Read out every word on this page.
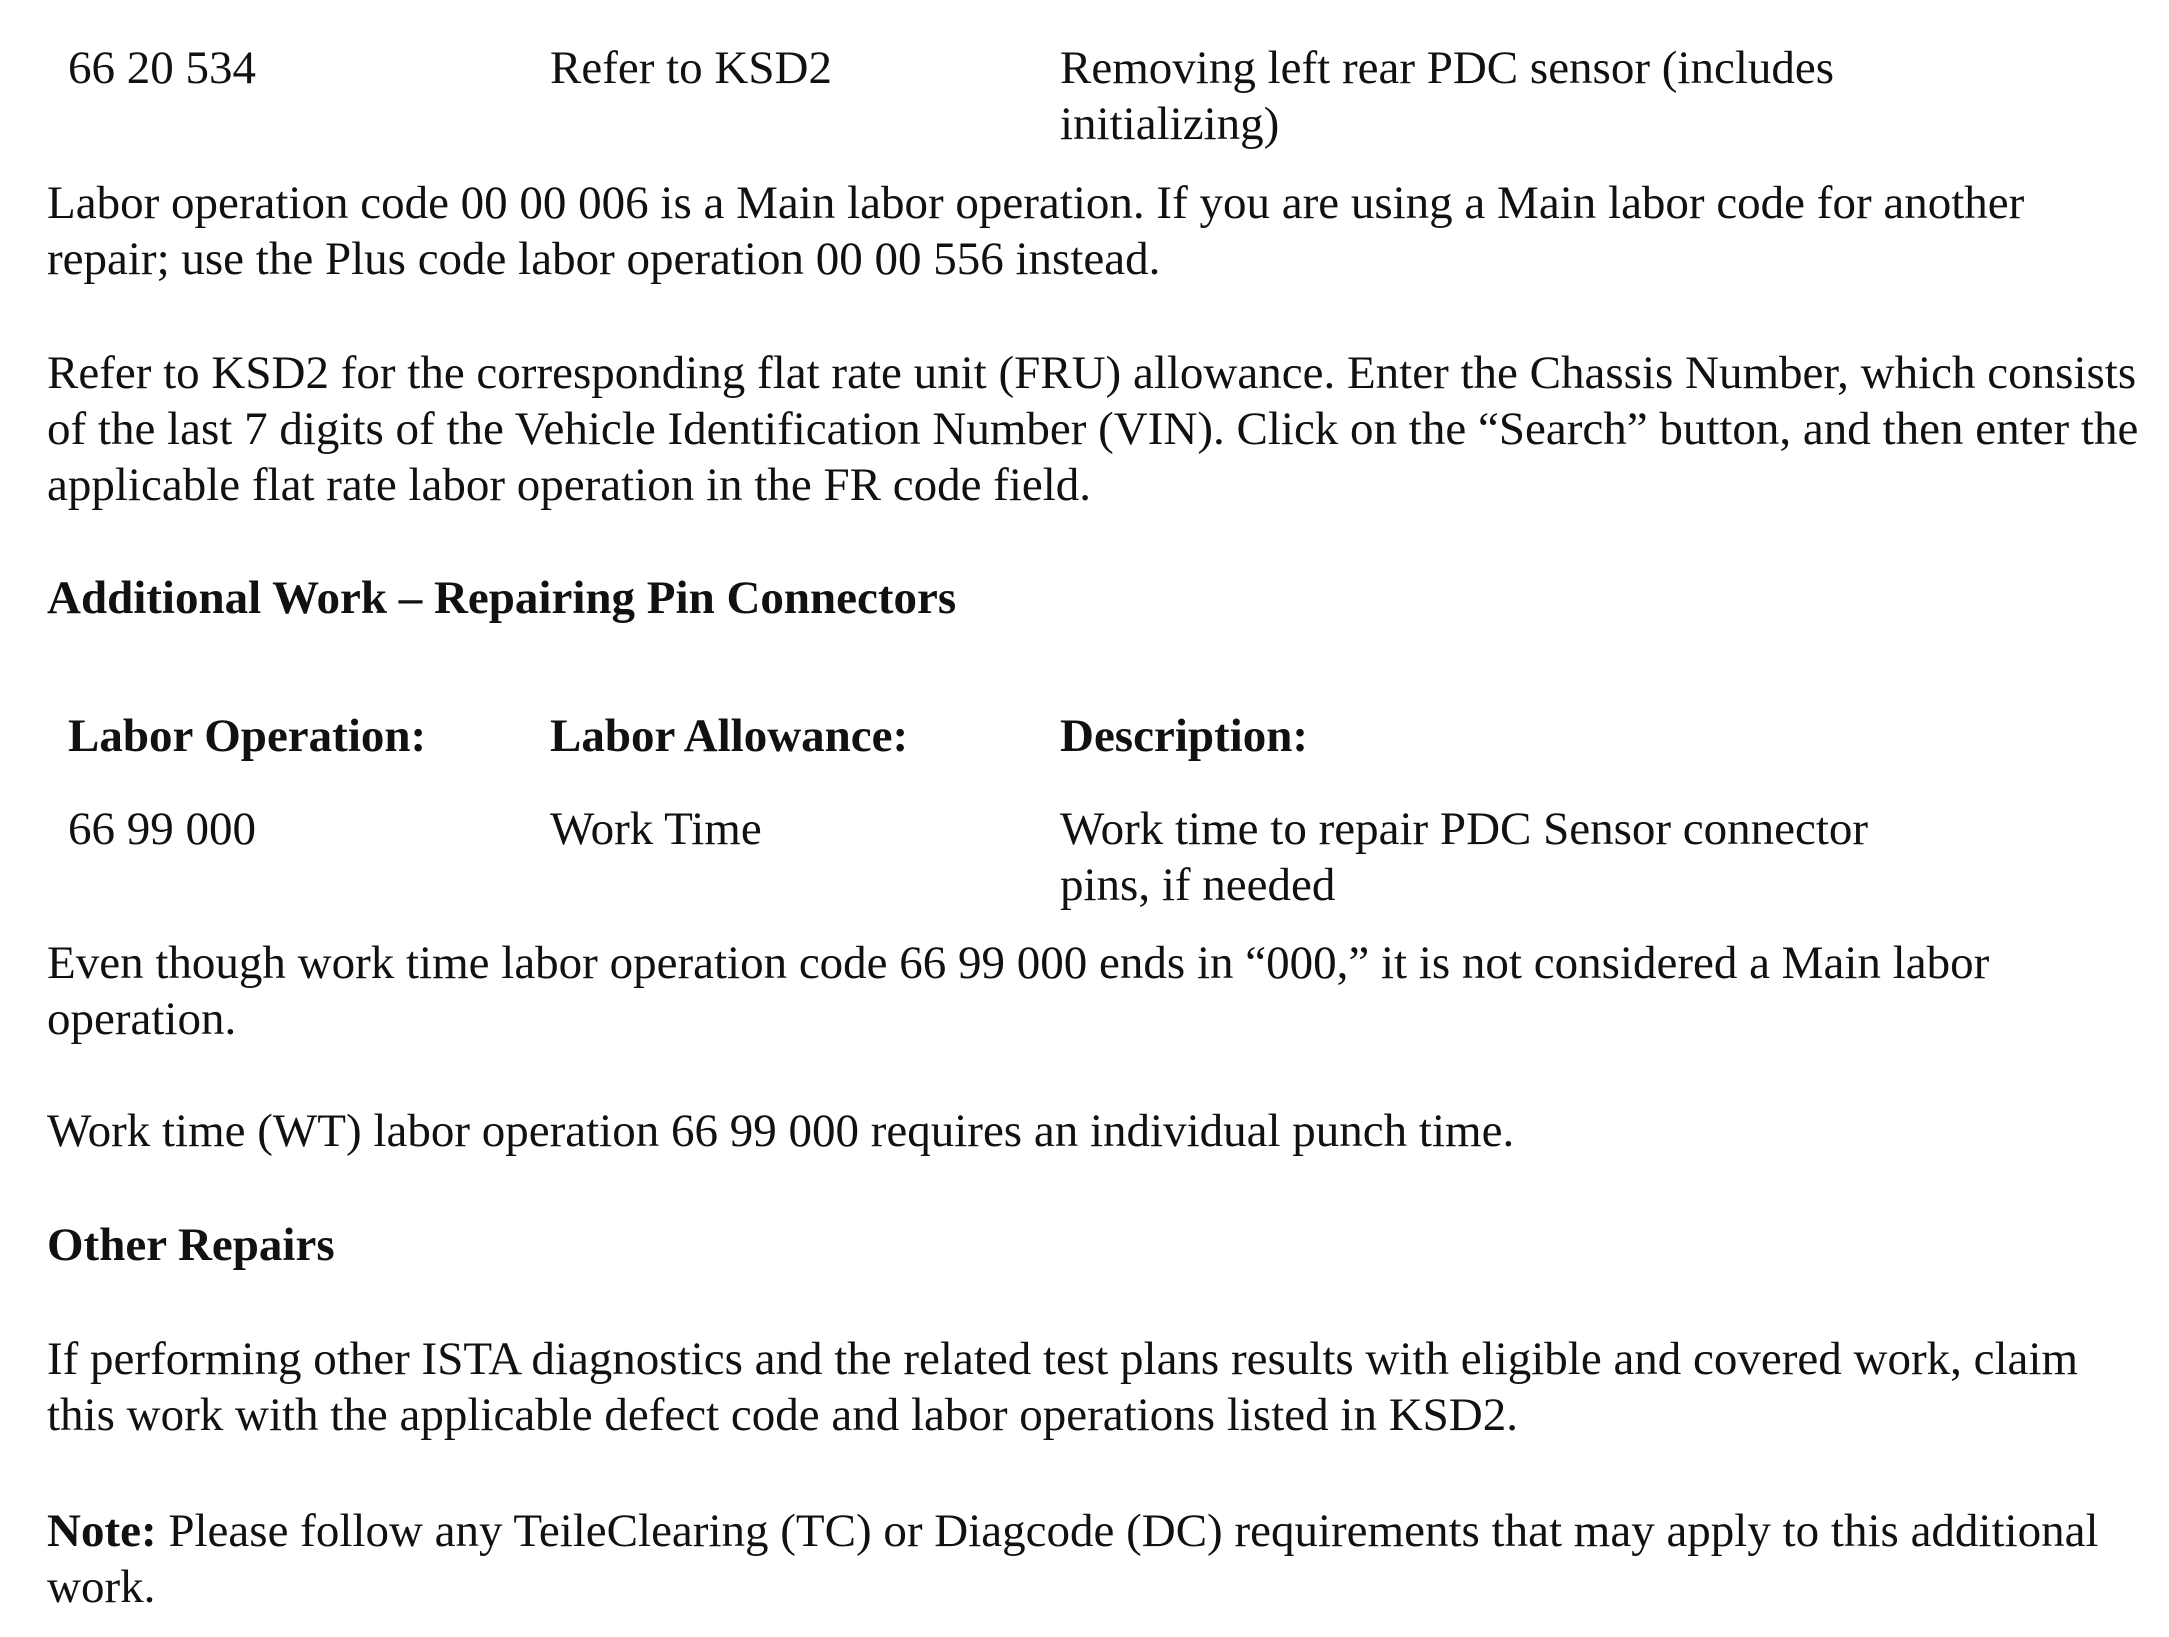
66 20 534	Refer to KSD2	Removing left rear PDC sensor (includes initializing)
Labor operation code 00 00 006 is a Main labor operation. If you are using a Main labor code for another repair; use the Plus code labor operation 00 00 556 instead.
Refer to KSD2 for the corresponding flat rate unit (FRU) allowance. Enter the Chassis Number, which consists of the last 7 digits of the Vehicle Identification Number (VIN). Click on the “Search” button, and then enter the applicable flat rate labor operation in the FR code field.
Additional Work – Repairing Pin Connectors
Labor Operation:	Labor Allowance:	Description:
66 99 000	Work Time	Work time to repair PDC Sensor connector pins, if needed
Even though work time labor operation code 66 99 000 ends in “000,” it is not considered a Main labor operation.
Work time (WT) labor operation 66 99 000 requires an individual punch time.
Other Repairs
If performing other ISTA diagnostics and the related test plans results with eligible and covered work, claim this work with the applicable defect code and labor operations listed in KSD2.
Note: Please follow any TeileClearing (TC) or Diagcode (DC) requirements that may apply to this additional work.
